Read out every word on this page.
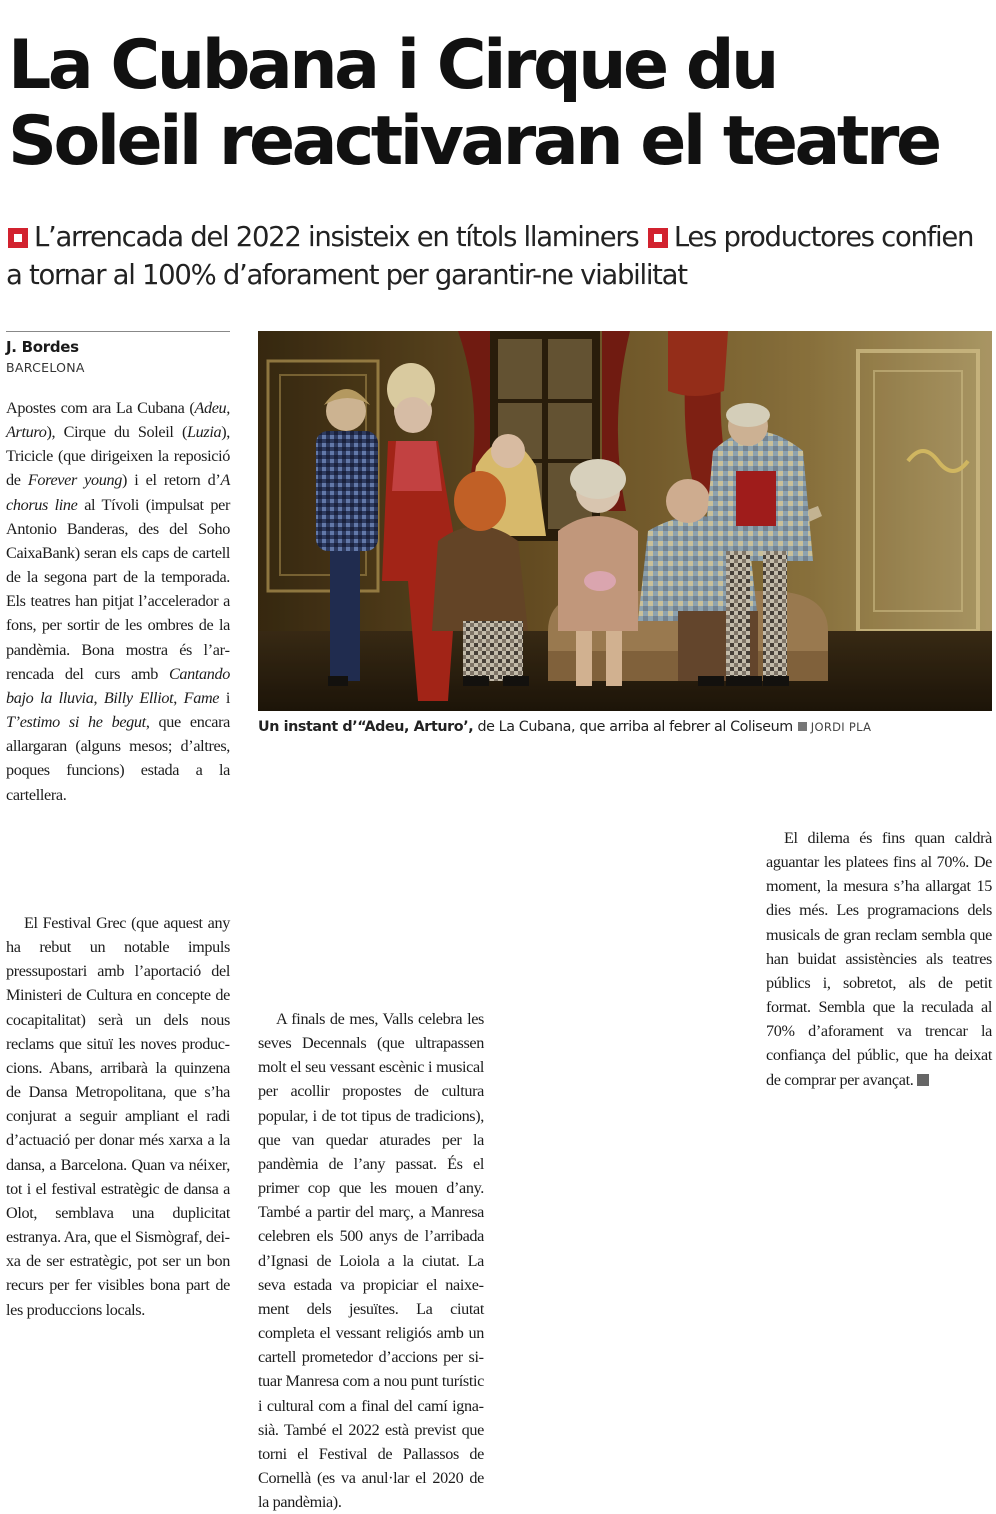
La Cubana i Cirque du
Soleil reactivaran el teatre

L’arrencada del 2022 insisteix en títols llaminers Les productores confien a tornar al 100% d’aforament per garantir-ne viabilitat

J. Bordes
BARCELONA
Un instant d’“Adeu, Arturo’, de La Cubana, que arriba al febrer al Coliseum JORDI PLA

Apostes com ara La Cubana (Adeu, Arturo), Cirque du Soleil (Luzia), Tricicle (que dirigeixen la reposició de Forever young) i el retorn d’A chorus line al Tívoli (impulsat per Antonio Banderas, des del Soho CaixaBank) seran els caps de cartell de la segona part de la temporada. Els teatres han pitjat l’accelerador a fons, per sortir de les ombres de la pandèmia. Bona mostra és l’arrencada del curs amb Cantando bajo la lluvia, Billy Elliot, Fame i T’estimo si he begut, que encara allargaran (alguns mesos; d’altres, poques funcions) estada a la cartellera.

El Festival Grec (que aquest any ha rebut un notable impuls pressupostari amb l’aportació del Ministeri de Cultura en concepte de cocapitalitat) serà un dels nous reclams que situï les noves produccions. Abans, arribarà la quinzena de Dansa Metropolitana, que s’ha conjurat a seguir ampliant el radi d’actuació per donar més xarxa a la dansa, a Barcelona. Quan va néixer, tot i el festival estratègic de dansa a Olot, semblava una duplicitat estranya. Ara, que el Sismògraf, deixa de ser estratègic, pot ser un bon recurs per fer visibles bona part de les produccions locals.

A finals de mes, Valls celebra les seves Decennals (que ultrapassen molt el seu vessant escènic i musical per acollir propostes de cultura popular, i de tot tipus de tradicions), que van quedar aturades per la pandèmia de l’any passat. És el primer cop que les mouen d’any. També a partir del març, a Manresa celebren els 500 anys de l’arribada d’Ignasi de Loiola a la ciutat. La seva estada va propiciar el naixement dels jesuïtes. La ciutat completa el vessant religiós amb un cartell prometedor d’accions per situar Manresa com a nou punt turístic i cultural com a final del camí ignasià. També el 2022 està previst que torni el Festival de Pallassos de Cornellà (es va anul·lar el 2020 de la pandèmia).

El dilema és fins quan caldrà aguantar les platees fins al 70%. De moment, la mesura s’ha allargat 15 dies més. Les programacions dels musicals de gran reclam sembla que han buidat assistències als teatres públics i, sobretot, als de petit format. Sembla que la reculada al 70% d’aforament va trencar la confiança del públic, que ha deixat de comprar per avançat.
